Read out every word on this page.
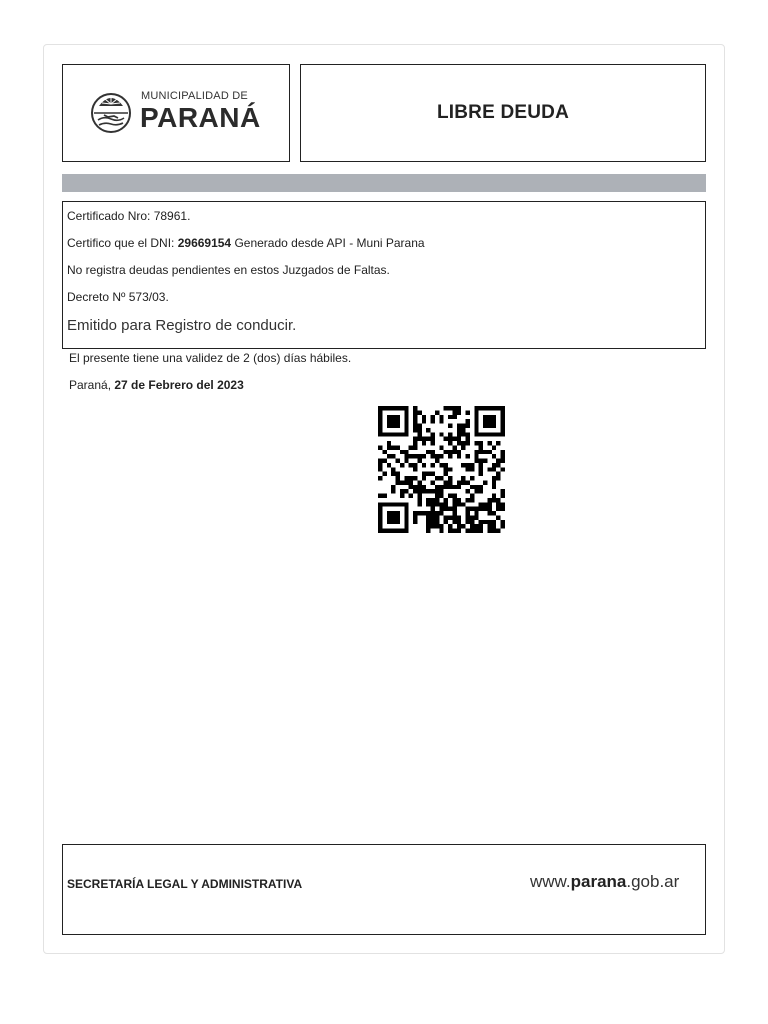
MUNICIPALIDAD DE
PARANÁ	LIBRE DEUDA
Certificado Nro: 78961.
Certifico que el DNI: 29669154 Generado desde API - Muni Parana
No registra deudas pendientes en estos Juzgados de Faltas.
Decreto Nº 573/03.
Emitido para Registro de conducir.
El presente tiene una validez de 2 (dos) días hábiles.
Paraná, 27 de Febrero del 2023
SECRETARÍA LEGAL Y ADMINISTRATIVA	www.parana.gob.ar
